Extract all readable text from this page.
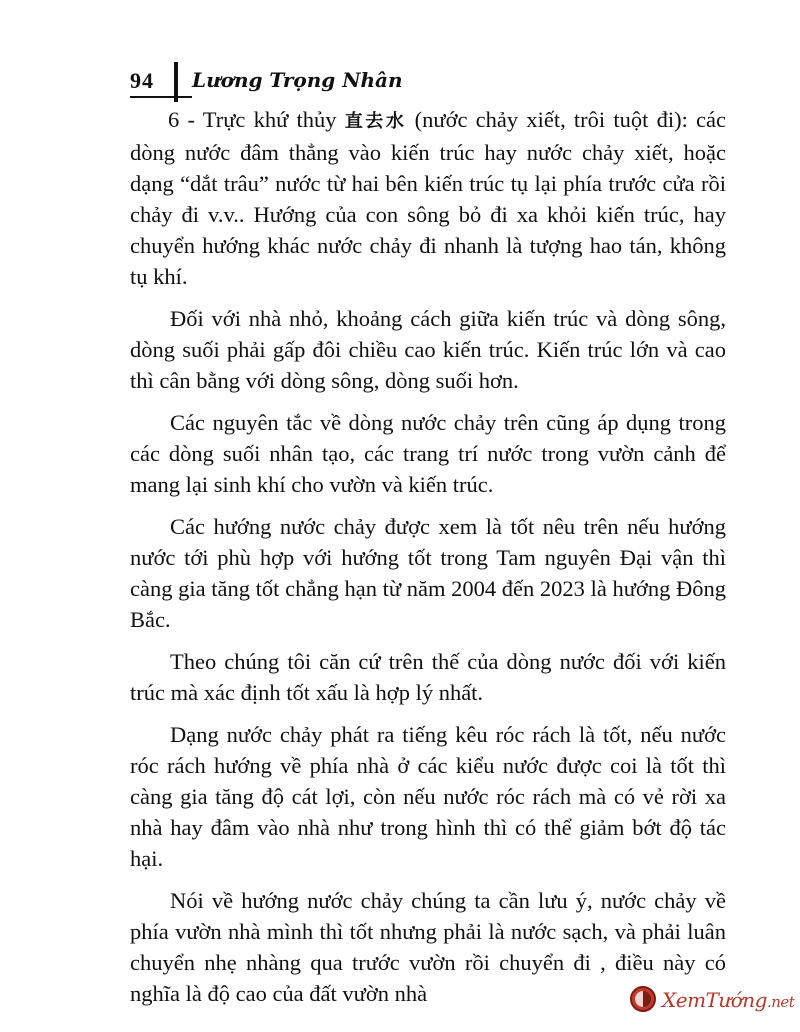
94 Lương Trọng Nhân

6 - Trực khứ thủy 直去水 (nước chảy xiết, trôi tuột đi): các dòng nước đâm thẳng vào kiến trúc hay nước chảy xiết, hoặc dạng “dắt trâu” nước từ hai bên kiến trúc tụ lại phía trước cửa rồi chảy đi v.v.. Hướng của con sông bỏ đi xa khỏi kiến trúc, hay chuyển hướng khác nước chảy đi nhanh là tượng hao tán, không tụ khí.

Đối với nhà nhỏ, khoảng cách giữa kiến trúc và dòng sông, dòng suối phải gấp đôi chiều cao kiến trúc. Kiến trúc lớn và cao thì cân bằng với dòng sông, dòng suối hơn.

Các nguyên tắc về dòng nước chảy trên cũng áp dụng trong các dòng suối nhân tạo, các trang trí nước trong vườn cảnh để mang lại sinh khí cho vườn và kiến trúc.

Các hướng nước chảy được xem là tốt nêu trên nếu hướng nước tới phù hợp với hướng tốt trong Tam nguyên Đại vận thì càng gia tăng tốt chẳng hạn từ năm 2004 đến 2023 là hướng Đông Bắc.

Theo chúng tôi căn cứ trên thế của dòng nước đối với kiến trúc mà xác định tốt xấu là hợp lý nhất.

Dạng nước chảy phát ra tiếng kêu róc rách là tốt, nếu nước róc rách hướng về phía nhà ở các kiểu nước được coi là tốt thì càng gia tăng độ cát lợi, còn nếu nước róc rách mà có vẻ rời xa nhà hay đâm vào nhà như trong hình thì có thể giảm bớt độ tác hại.

Nói về hướng nước chảy chúng ta cần lưu ý, nước chảy về phía vườn nhà mình thì tốt nhưng phải là nước sạch, và phải luân chuyển nhẹ nhàng qua trước vườn rồi chuyển đi , điều này có nghĩa là độ cao của đất vườn nhà	XemTướng.net
